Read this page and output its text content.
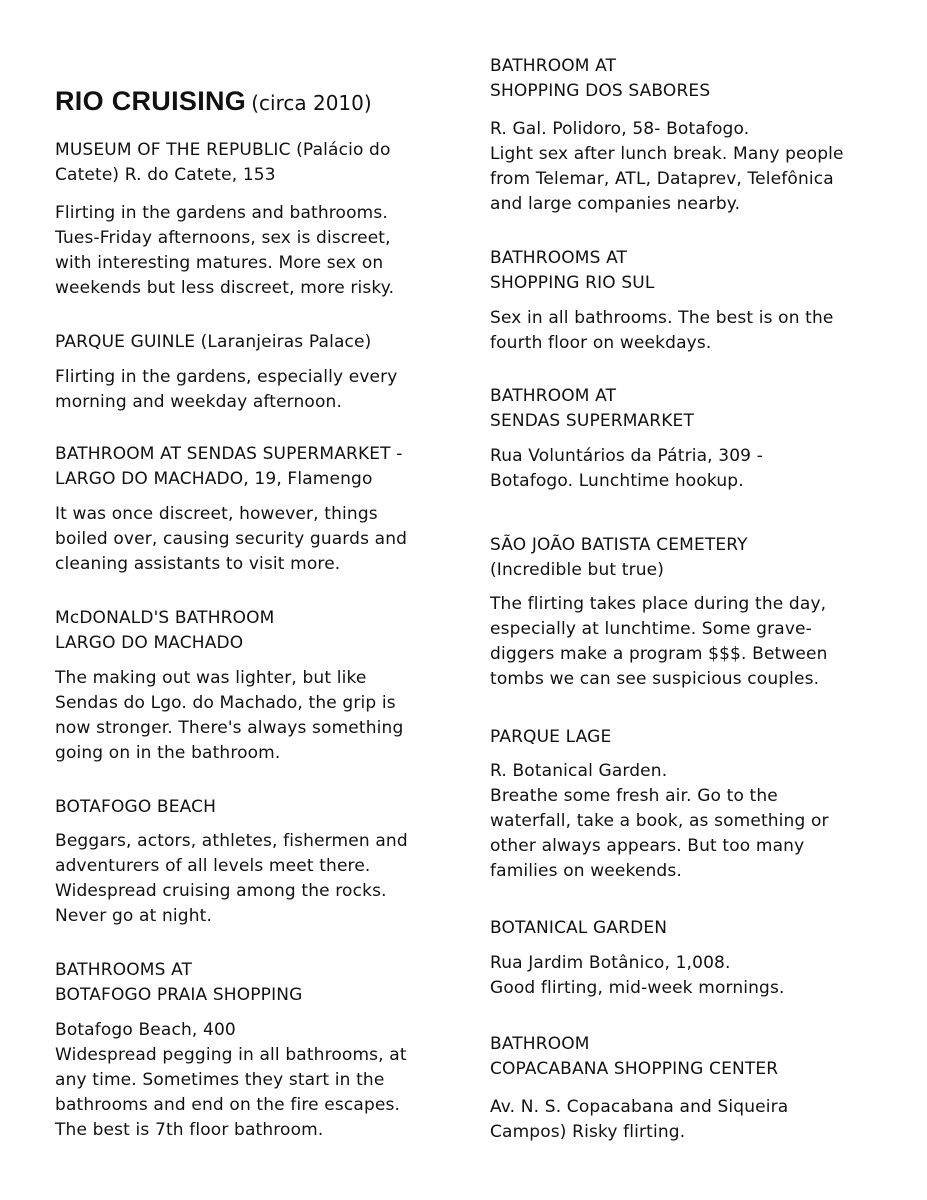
RIO CRUISING (circa 2010)
MUSEUM OF THE REPUBLIC (Palácio do
Catete) R. do Catete, 153
Flirting in the gardens and bathrooms.
Tues-Friday afternoons, sex is discreet,
with interesting matures. More sex on
weekends but less discreet, more risky.
PARQUE GUINLE (Laranjeiras Palace)
Flirting in the gardens, especially every
morning and weekday afternoon.
BATHROOM AT SENDAS SUPERMARKET -
LARGO DO MACHADO, 19, Flamengo
It was once discreet, however, things
boiled over, causing security guards and
cleaning assistants to visit more.
McDONALD'S BATHROOM
LARGO DO MACHADO
The making out was lighter, but like
Sendas do Lgo. do Machado, the grip is
now stronger. There's always something
going on in the bathroom.
BOTAFOGO BEACH
Beggars, actors, athletes, fishermen and
adventurers of all levels meet there.
Widespread cruising among the rocks.
Never go at night.
BATHROOMS AT
BOTAFOGO PRAIA SHOPPING
Botafogo Beach, 400
Widespread pegging in all bathrooms, at
any time. Sometimes they start in the
bathrooms and end on the fire escapes.
The best is 7th floor bathroom.
BATHROOM AT
SHOPPING DOS SABORES
R. Gal. Polidoro, 58- Botafogo.
Light sex after lunch break. Many people
from Telemar, ATL, Dataprev, Telefônica
and large companies nearby.
BATHROOMS AT
SHOPPING RIO SUL
Sex in all bathrooms. The best is on the
fourth floor on weekdays.
BATHROOM AT
SENDAS SUPERMARKET
Rua Voluntários da Pátria, 309 -
Botafogo. Lunchtime hookup.
SÃO JOÃO BATISTA CEMETERY
(Incredible but true)
The flirting takes place during the day,
especially at lunchtime. Some grave-
diggers make a program $$$. Between
tombs we can see suspicious couples.
PARQUE LAGE
R. Botanical Garden.
Breathe some fresh air. Go to the
waterfall, take a book, as something or
other always appears. But too many
families on weekends.
BOTANICAL GARDEN
Rua Jardim Botânico, 1,008.
Good flirting, mid-week mornings.
BATHROOM
COPACABANA SHOPPING CENTER
Av. N. S. Copacabana and Siqueira
Campos) Risky flirting.
